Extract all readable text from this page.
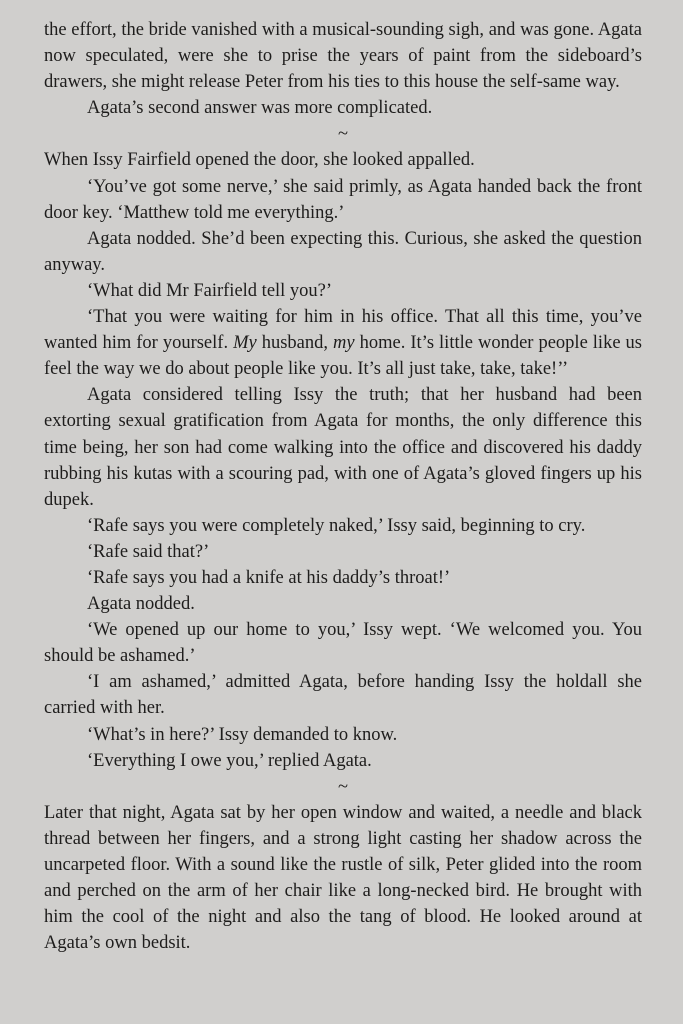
the effort, the bride vanished with a musical-sounding sigh, and was gone. Agata now speculated, were she to prise the years of paint from the sideboard’s drawers, she might release Peter from his ties to this house the self-same way.

Agata’s second answer was more complicated.

~

When Issy Fairfield opened the door, she looked appalled.

‘You’ve got some nerve,’ she said primly, as Agata handed back the front door key. ‘Matthew told me everything.’

Agata nodded. She’d been expecting this. Curious, she asked the question anyway.

‘What did Mr Fairfield tell you?’

‘That you were waiting for him in his office. That all this time, you’ve wanted him for yourself. My husband, my home. It’s little wonder people like us feel the way we do about people like you. It’s all just take, take, take!’’

Agata considered telling Issy the truth; that her husband had been extorting sexual gratification from Agata for months, the only difference this time being, her son had come walking into the office and discovered his daddy rubbing his kutas with a scouring pad, with one of Agata’s gloved fingers up his dupek.

‘Rafe says you were completely naked,’ Issy said, beginning to cry.

‘Rafe said that?’

‘Rafe says you had a knife at his daddy’s throat!’

Agata nodded.

‘We opened up our home to you,’ Issy wept. ‘We welcomed you. You should be ashamed.’

‘I am ashamed,’ admitted Agata, before handing Issy the holdall she carried with her.

‘What’s in here?’ Issy demanded to know.

‘Everything I owe you,’ replied Agata.

~

Later that night, Agata sat by her open window and waited, a needle and black thread between her fingers, and a strong light casting her shadow across the uncarpeted floor. With a sound like the rustle of silk, Peter glided into the room and perched on the arm of her chair like a long-necked bird. He brought with him the cool of the night and also the tang of blood. He looked around at Agata’s own bedsit.
